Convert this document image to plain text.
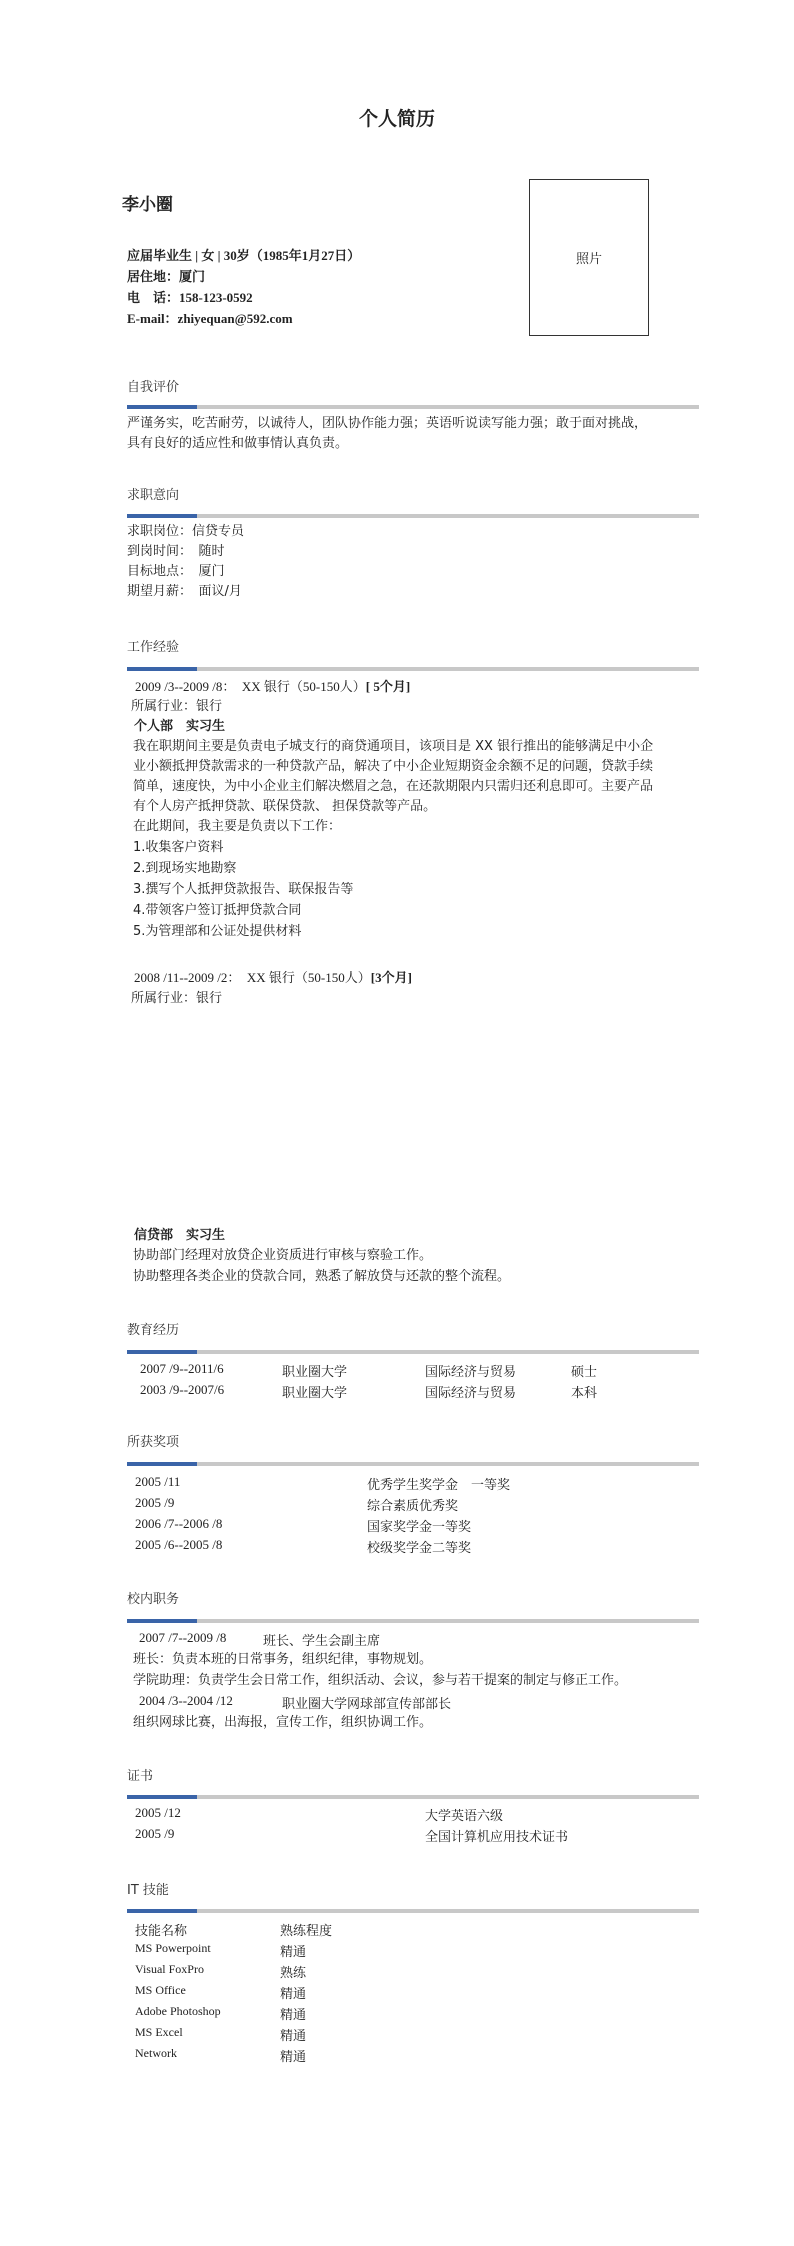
个人简历
李小圈
应届毕业生 | 女 | 30岁（1985年1月27日）
居住地：厦门
电　话：158-123-0592
E-mail：zhiyequan@592.com
照片
自我评价
严谨务实，吃苦耐劳，以诚待人，团队协作能力强；英语听说读写能力强；敢于面对挑战，
具有良好的适应性和做事情认真负责。
求职意向
求职岗位：信贷专员
到岗时间：　随时
目标地点：　厦门
期望月薪：　面议/月
工作经验
2009 /3--2009 /8：　XX 银行（50-150人）[ 5个月]
所属行业：银行
个人部　实习生
我在职期间主要是负责电子城支行的商贷通项目，该项目是 XX 银行推出的能够满足中小企
业小额抵押贷款需求的一种贷款产品，解决了中小企业短期资金余额不足的问题，贷款手续
简单，速度快，为中小企业主们解决燃眉之急，在还款期限内只需归还利息即可。主要产品
有个人房产抵押贷款、联保贷款、 担保贷款等产品。
在此期间，我主要是负责以下工作：
1.收集客户资料
2.到现场实地勘察
3.撰写个人抵押贷款报告、联保报告等
4.带领客户签订抵押贷款合同
5.为管理部和公证处提供材料
2008 /11--2009 /2：　XX 银行（50-150人）[3个月]
所属行业：银行
信贷部　实习生
协助部门经理对放贷企业资质进行审核与察验工作。
协助整理各类企业的贷款合同，熟悉了解放贷与还款的整个流程。
教育经历
2007 /9--2011/6	职业圈大学	国际经济与贸易	硕士
2003 /9--2007/6	职业圈大学	国际经济与贸易	本科
所获奖项
2005 /11	优秀学生奖学金　一等奖
2005 /9	综合素质优秀奖
2006 /7--2006 /8	国家奖学金一等奖
2005 /6--2005 /8	校级奖学金二等奖
校内职务
2007 /7--2009 /8	班长、学生会副主席
班长：负责本班的日常事务，组织纪律，事物规划。
学院助理：负责学生会日常工作，组织活动、会议，参与若干提案的制定与修正工作。
2004 /3--2004 /12	职业圈大学网球部宣传部部长
组织网球比赛，出海报，宣传工作，组织协调工作。
证书
2005 /12	大学英语六级
2005 /9	全国计算机应用技术证书
IT 技能
技能名称	熟练程度
MS Powerpoint	精通
Visual FoxPro	熟练
MS Office	精通
Adobe Photoshop	精通
MS Excel	精通
Network	精通
